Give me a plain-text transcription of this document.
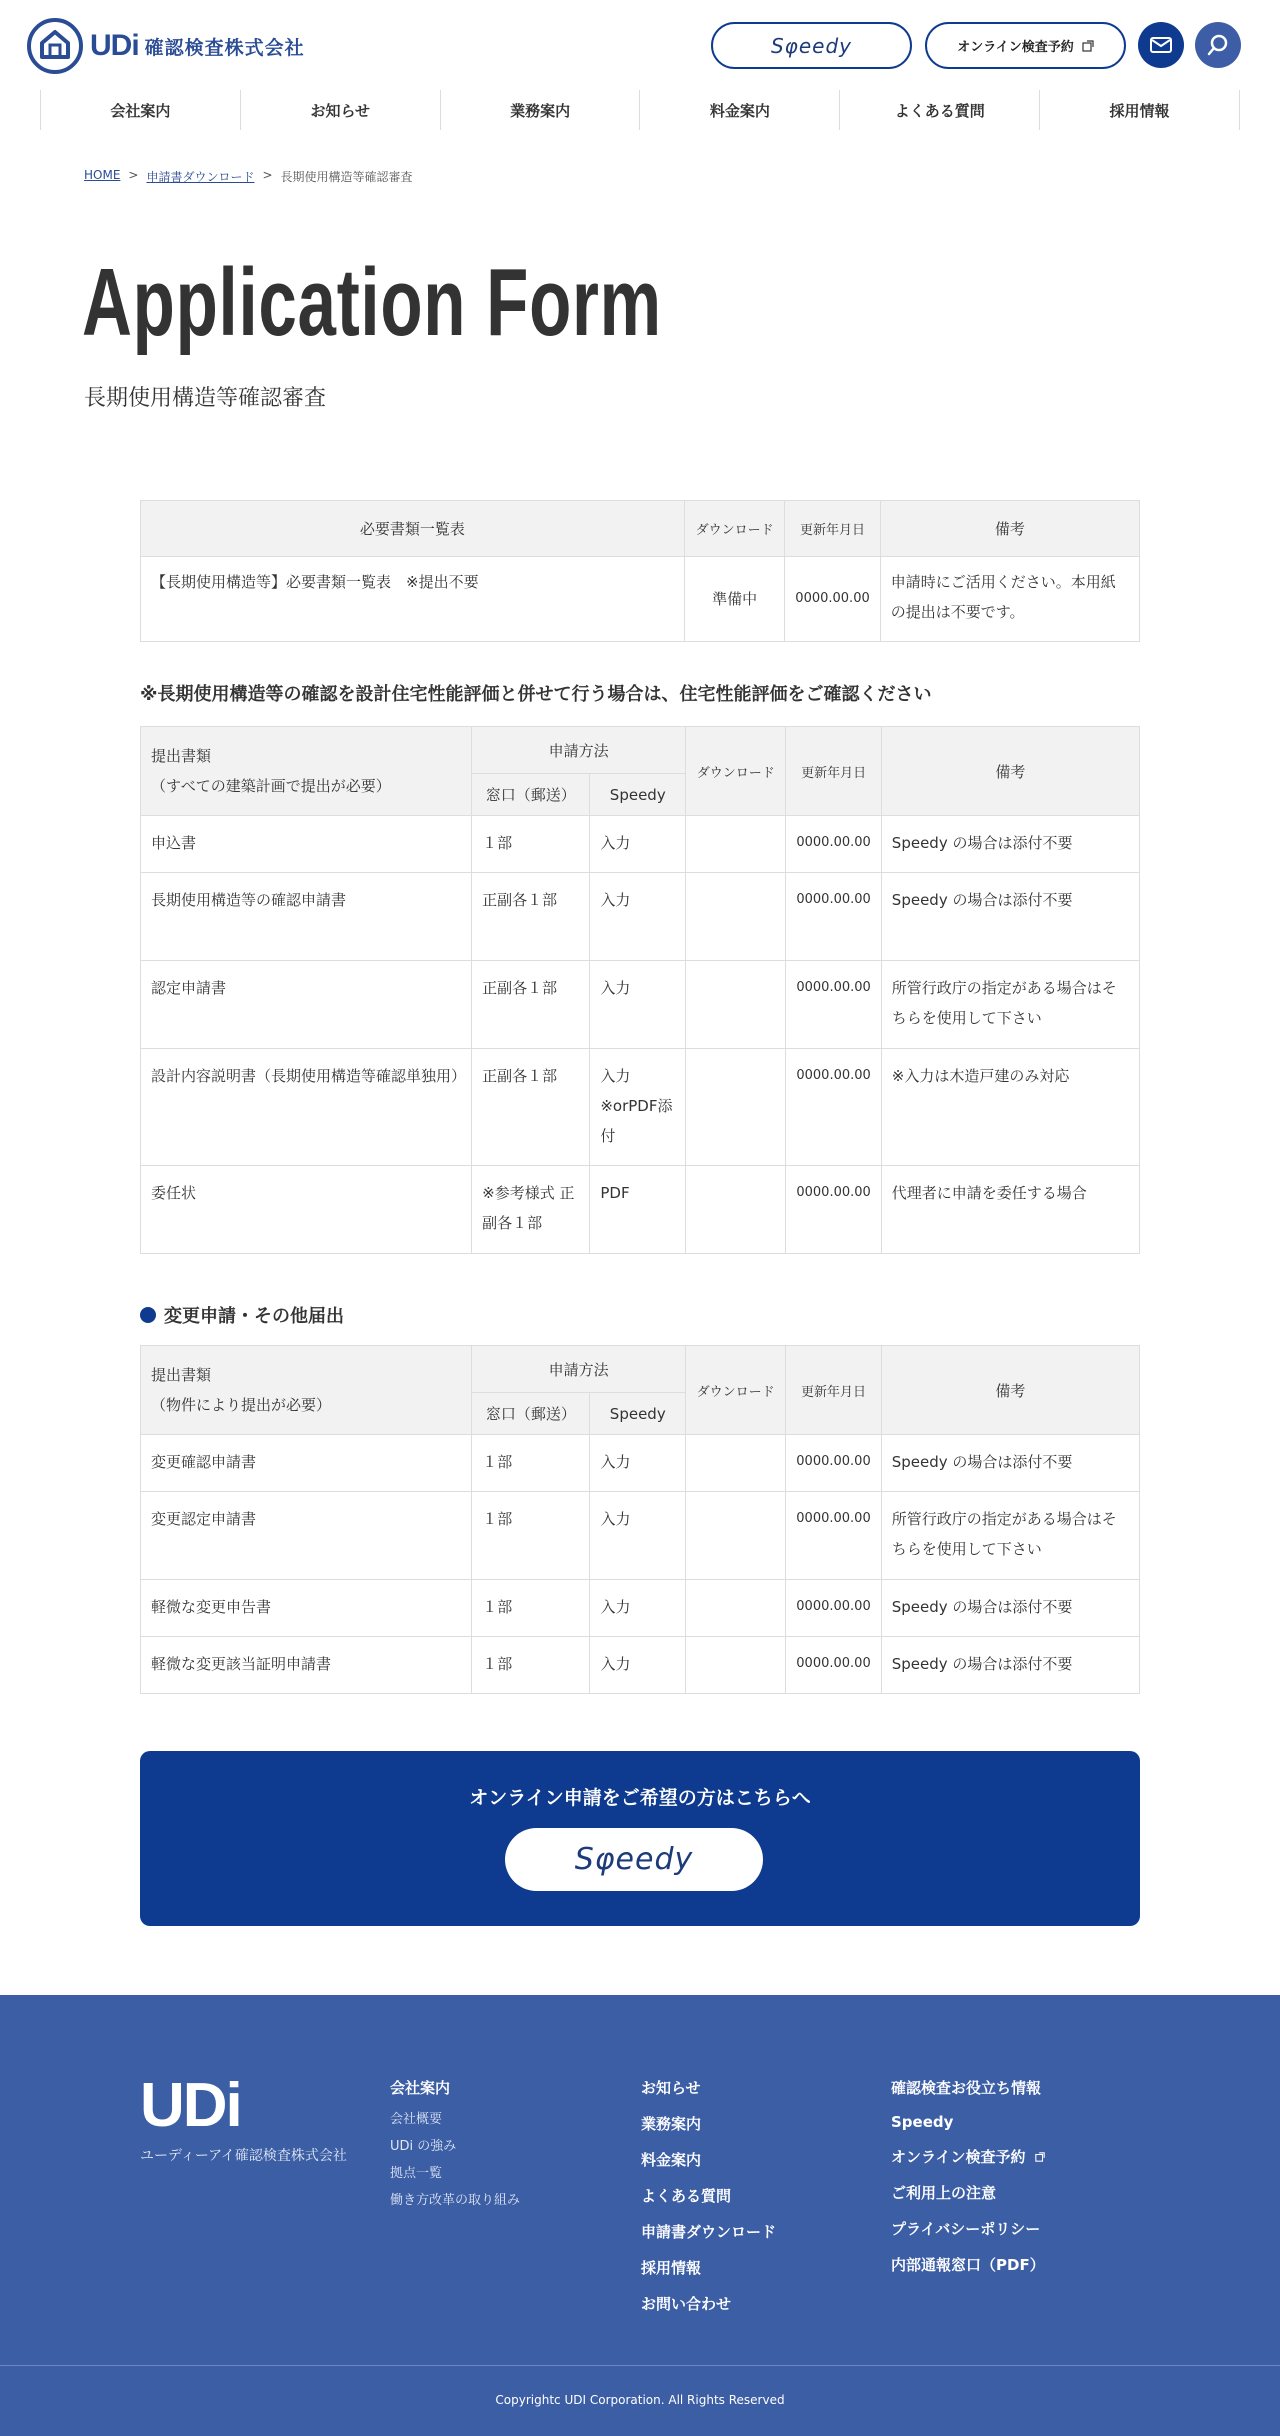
UDi 確認検査株式会社	Sφeedy	オンライン検査予約
会社案内	お知らせ	業務案内	料金案内	よくある質問	採用情報
HOME > 申請書ダウンロード > 長期使用構造等確認審査
Application Form
長期使用構造等確認審査
必要書類一覧表	ダウンロード	更新年月日	備考
【長期使用構造等】必要書類一覧表　※提出不要	準備中	0000.00.00	申請時にご活用ください。本用紙の提出は不要です。
※長期使用構造等の確認を設計住宅性能評価と併せて行う場合は、住宅性能評価をご確認ください
提出書類
（すべての建築計画で提出が必要）	申請方法		ダウンロード	更新年月日	備考
	窓口（郵送）	Speedy			
申込書	１部	入力		0000.00.00	Speedy の場合は添付不要
長期使用構造等の確認申請書	正副各１部	入力		0000.00.00	Speedy の場合は添付不要
認定申請書	正副各１部	入力		0000.00.00	所管行政庁の指定がある場合はそちらを使用して下さい
設計内容説明書（長期使用構造等確認単独用）	正副各１部	入力 ※orPDF添付		0000.00.00	※入力は木造戸建のみ対応
委任状	※参考様式 正副各１部	PDF		0000.00.00	代理者に申請を委任する場合
変更申請・その他届出
提出書類
（物件により提出が必要）	申請方法		ダウンロード	更新年月日	備考
	窓口（郵送）	Speedy			
変更確認申請書	１部	入力		0000.00.00	Speedy の場合は添付不要
変更認定申請書	１部	入力		0000.00.00	所管行政庁の指定がある場合はそちらを使用して下さい
軽微な変更申告書	１部	入力		0000.00.00	Speedy の場合は添付不要
軽微な変更該当証明申請書	１部	入力		0000.00.00	Speedy の場合は添付不要
オンライン申請をご希望の方はこちらへ
Sφeedy
UDi
ユーディーアイ確認検査株式会社
会社案内
会社概要
UDi の強み
拠点一覧
働き方改革の取り組み
お知らせ
業務案内
料金案内
よくある質問
申請書ダウンロード
採用情報
お問い合わせ
確認検査お役立ち情報
Speedy
オンライン検査予約
ご利用上の注意
プライバシーポリシー
内部通報窓口（PDF）
Copyrightc UDI Corporation. All Rights Reserved
